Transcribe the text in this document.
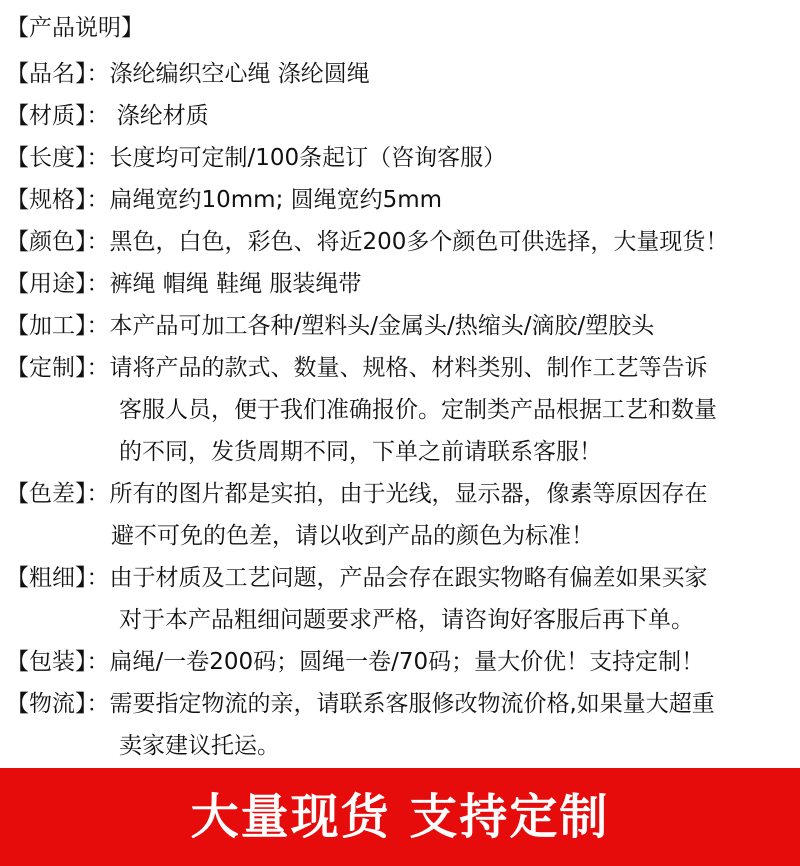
【产品说明】
【品名】：涤纶编织空心绳 涤纶圆绳
【材质】： 涤纶材质
【长度】：长度均可定制/100条起订（咨询客服）
【规格】：扁绳宽约10mm; 圆绳宽约5mm
【颜色】：黑色，白色，彩色、将近200多个颜色可供选择，大量现货！
【用途】：裤绳 帽绳 鞋绳 服装绳带
【加工】：本产品可加工各种/塑料头/金属头/热缩头/滴胶/塑胶头
【定制】：请将产品的款式、数量、规格、材料类别、制作工艺等告诉
客服人员，便于我们准确报价。定制类产品根据工艺和数量
的不同，发货周期不同，下单之前请联系客服！
【色差】：所有的图片都是实拍，由于光线，显示器，像素等原因存在
避不可免的色差，请以收到产品的颜色为标准！
【粗细】：由于材质及工艺问题，产品会存在跟实物略有偏差如果买家
对于本产品粗细问题要求严格，请咨询好客服后再下单。
【包装】：扁绳/一卷200码；圆绳一卷/70码；量大价优！支持定制！
【物流】：需要指定物流的亲，请联系客服修改物流价格,如果量大超重
卖家建议托运。
大量现货 支持定制
